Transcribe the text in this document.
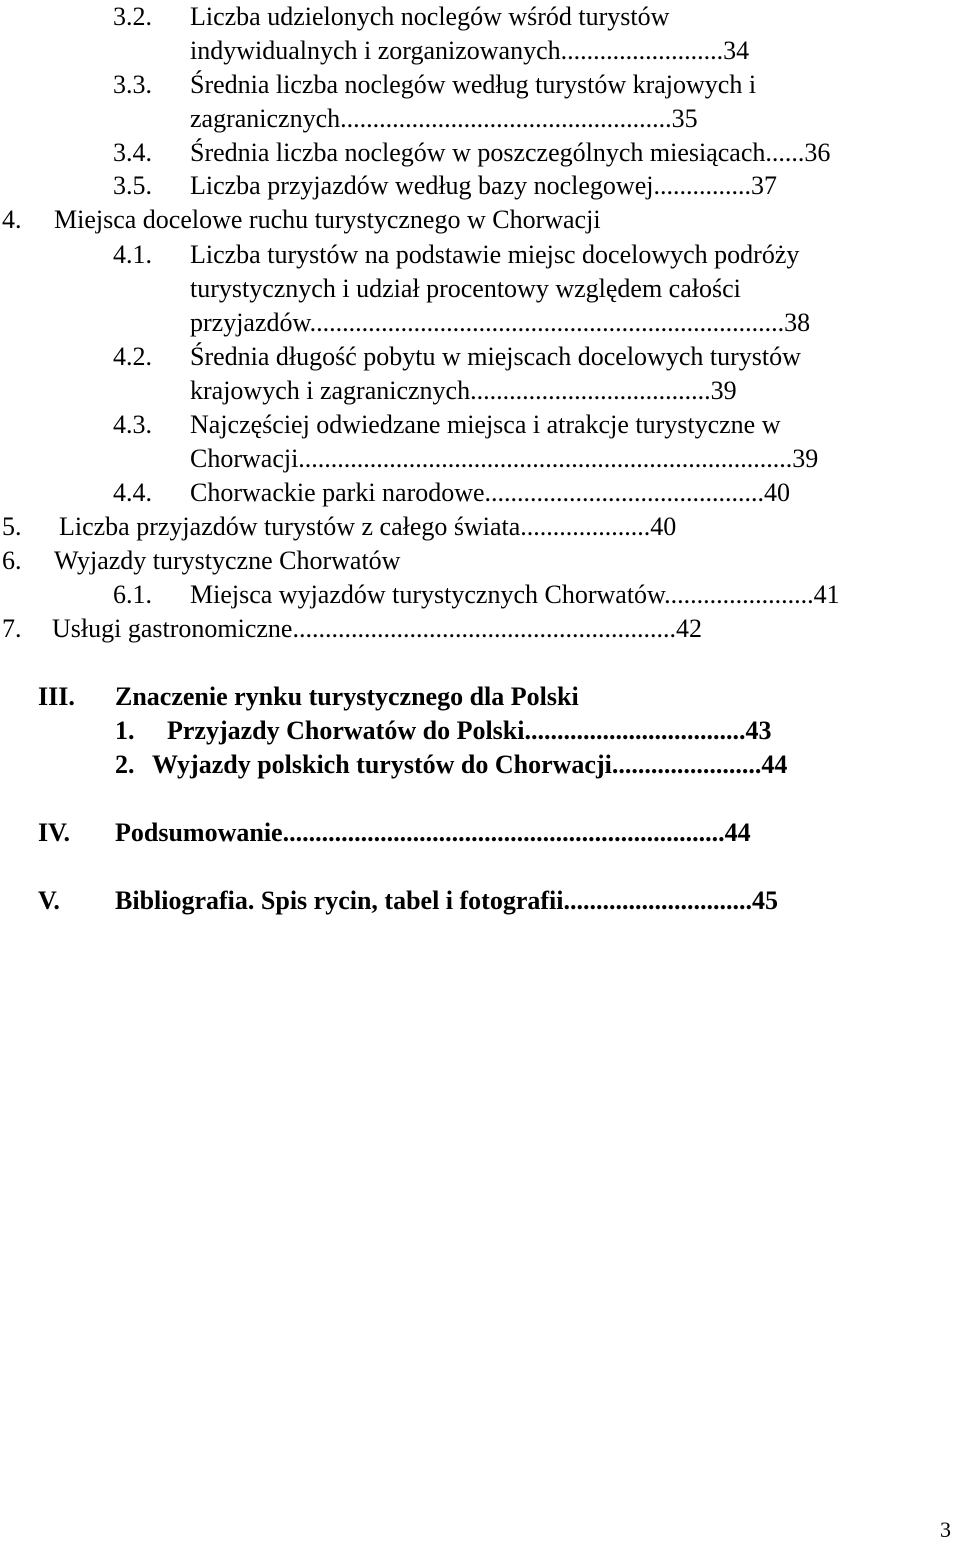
3.2. Liczba udzielonych noclegów wśród turystów
indywidualnych i zorganizowanych.........................34
3.3. Średnia liczba noclegów według turystów krajowych i
zagranicznych...................................................35
3.4. Średnia liczba noclegów w poszczególnych miesiącach......36
3.5. Liczba przyjazdów według bazy noclegowej...............37
4. Miejsca docelowe ruchu turystycznego w Chorwacji
4.1. Liczba turystów na podstawie miejsc docelowych podróży
turystycznych i udział procentowy względem całości
przyjazdów.........................................................................38
4.2. Średnia długość pobytu w miejscach docelowych turystów
krajowych i zagranicznych.....................................39
4.3. Najczęściej odwiedzane miejsca i atrakcje turystyczne w
Chorwacji............................................................................39
4.4. Chorwackie parki narodowe...........................................40
5. Liczba przyjazdów turystów z całego świata....................40
6. Wyjazdy turystyczne Chorwatów
6.1. Miejsca wyjazdów turystycznych Chorwatów.......................41
7. Usługi gastronomiczne...........................................................42
III. Znaczenie rynku turystycznego dla Polski
1. Przyjazdy Chorwatów do Polski..................................43
2. Wyjazdy polskich turystów do Chorwacji.......................44
IV. Podsumowanie....................................................................44
V. Bibliografia. Spis rycin, tabel i fotografii.............................45
3
